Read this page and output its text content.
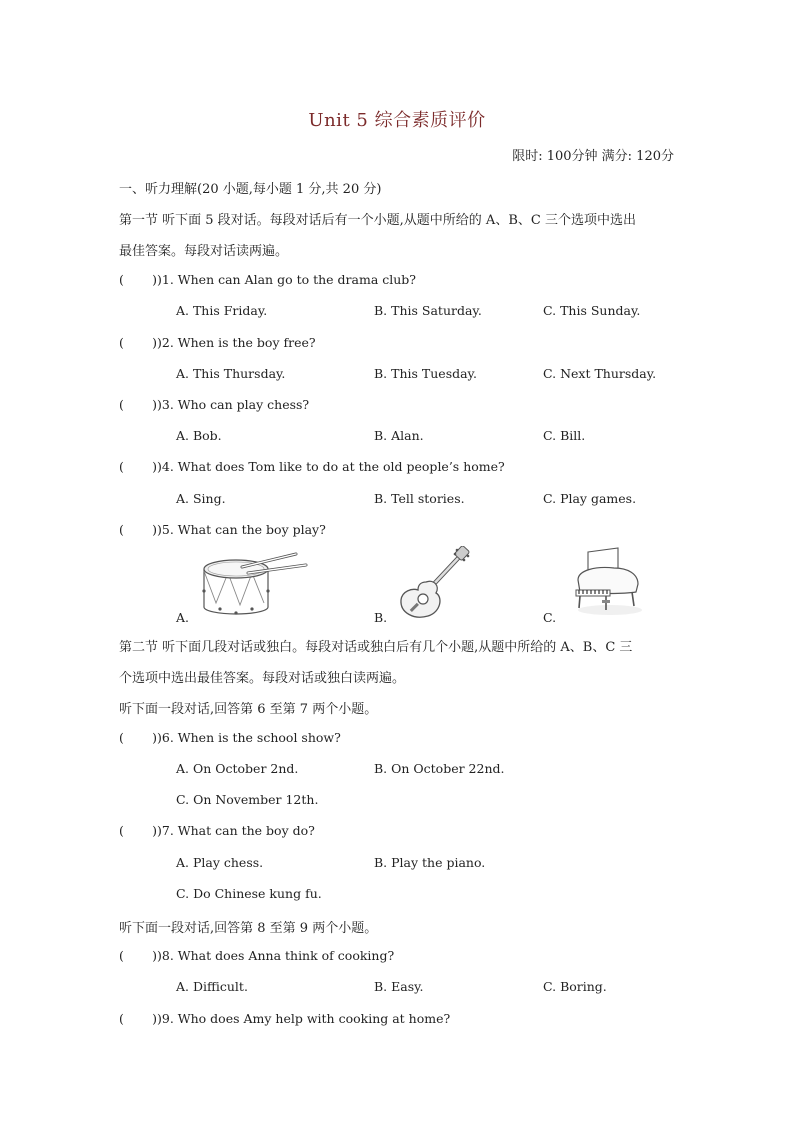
Unit 5 综合素质评价
限时: 100分钟 满分: 120分
一、听力理解(20 小题,每小题 1 分,共 20 分)
第一节 听下面 5 段对话。每段对话后有一个小题,从题中所给的 A、B、C 三个选项中选出
最佳答案。每段对话读两遍。
( ))1. When can Alan go to the drama club?
A. This Friday.	B. This Saturday.	C. This Sunday.
( ))2. When is the boy free?
A. This Thursday.	B. This Tuesday.	C. Next Thursday.
( ))3. Who can play chess?
A. Bob.	B. Alan.	C. Bill.
( ))4. What does Tom like to do at the old people’s home?
A. Sing.	B. Tell stories.	C. Play games.
( ))5. What can the boy play?
A.	B.	C.
第二节 听下面几段对话或独白。每段对话或独白后有几个小题,从题中所给的 A、B、C 三
个选项中选出最佳答案。每段对话或独白读两遍。
听下面一段对话,回答第 6 至第 7 两个小题。
( ))6. When is the school show?
A. On October 2nd.	B. On October 22nd.
C. On November 12th.
( ))7. What can the boy do?
A. Play chess.	B. Play the piano.
C. Do Chinese kung fu.
听下面一段对话,回答第 8 至第 9 两个小题。
( ))8. What does Anna think of cooking?
A. Difficult.	B. Easy.	C. Boring.
( ))9. Who does Amy help with cooking at home?
